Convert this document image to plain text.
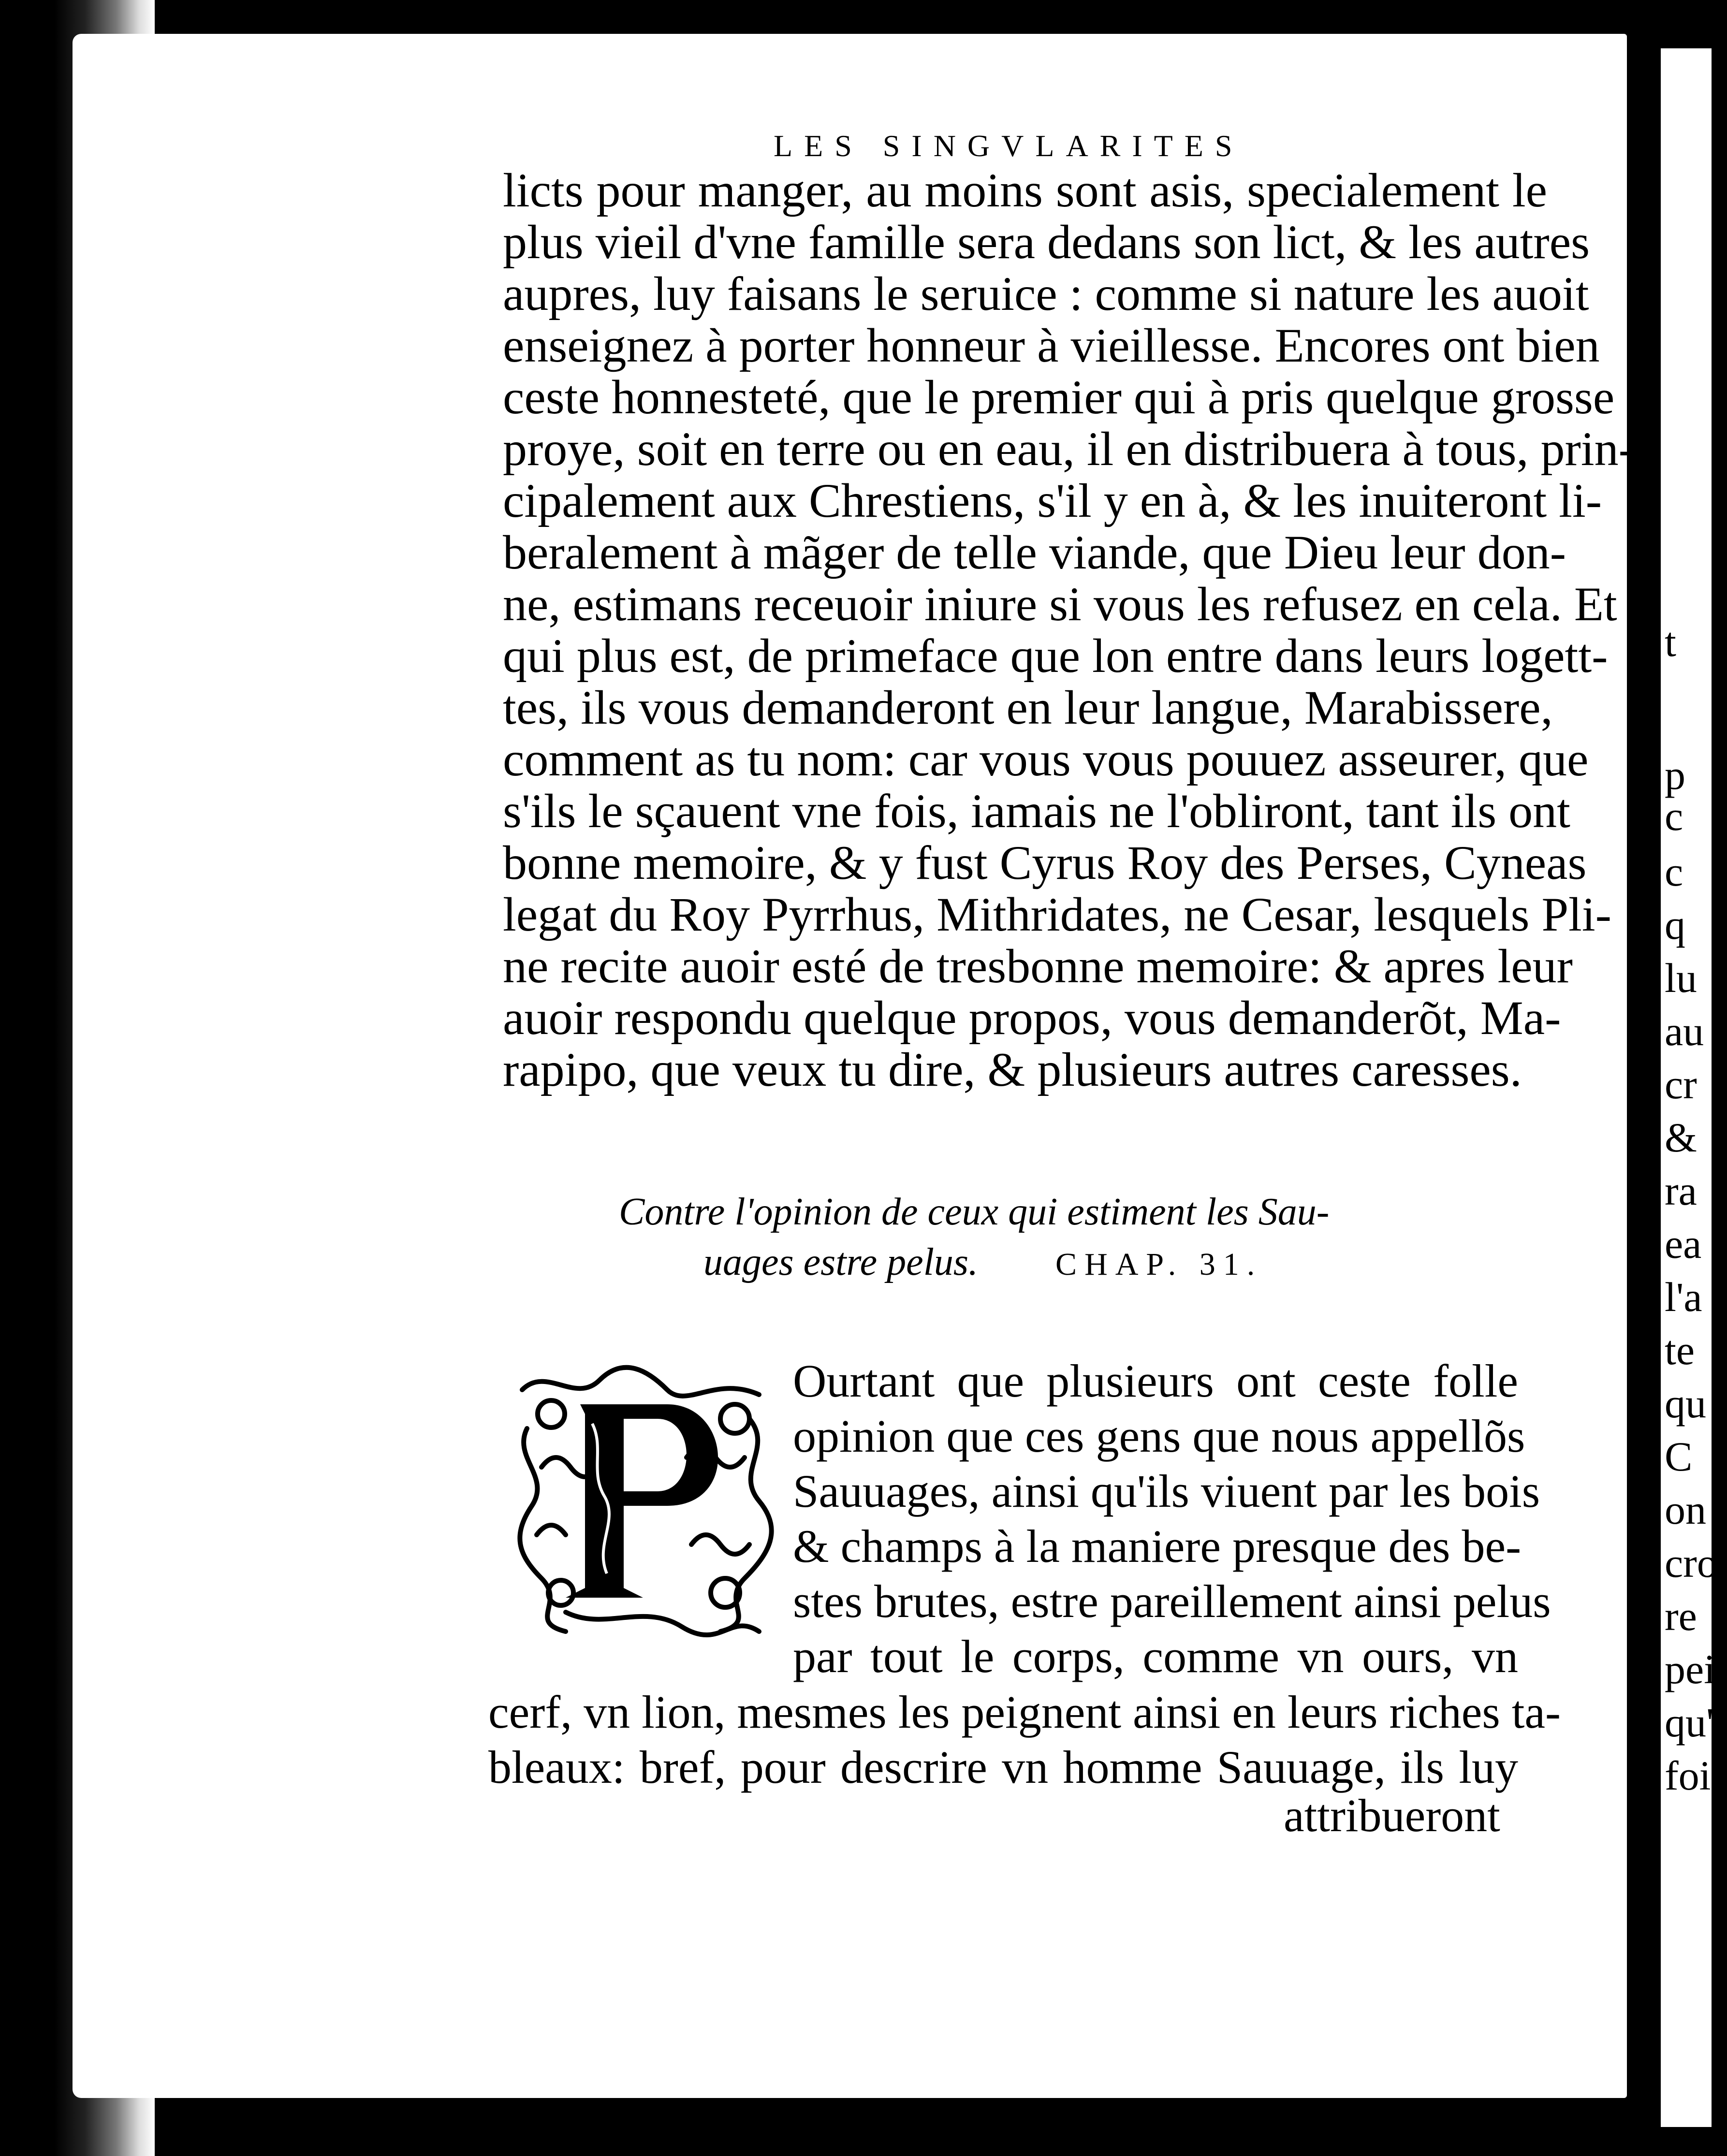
LES SINGVLARITES
licts pour manger, au moins sont asis, specialement le
plus vieil d'vne famille sera dedans son lict, & les autres
aupres, luy faisans le seruice : comme si nature les auoit
enseignez à porter honneur à vieillesse. Encores ont bien
ceste honnesteté, que le premier qui à pris quelque grosse
proye, soit en terre ou en eau, il en distribuera à tous, prin-
cipalement aux Chrestiens, s'il y en à, & les inuiteront li-
beralement à mãger de telle viande, que Dieu leur don-
ne, estimans receuoir iniure si vous les refusez en cela. Et
qui plus est, de primeface que lon entre dans leurs logett-
tes, ils vous demanderont en leur langue, Marabissere,
comment as tu nom: car vous vous pouuez asseurer, que
s'ils le sçauent vne fois, iamais ne l'obliront, tant ils ont
bonne memoire, & y fust Cyrus Roy des Perses, Cyneas
legat du Roy Pyrrhus, Mithridates, ne Cesar, lesquels Pli-
ne recite auoir esté de tresbonne memoire: & apres leur
auoir respondu quelque propos, vous demanderõt, Ma-
rapipo, que veux tu dire, & plusieurs autres caresses.
Contre l'opinion de ceux qui estiment les Sau-
uages estre pelus. CHAP. 31.
Ourtant que plusieurs ont ceste folle
opinion que ces gens que nous appellõs
Sauuages, ainsi qu'ils viuent par les bois
& champs à la maniere presque des be-
stes brutes, estre pareillement ainsi pelus
par tout le corps, comme vn ours, vn
cerf, vn lion, mesmes les peignent ainsi en leurs riches ta-
bleaux: bref, pour descrire vn homme Sauuage, ils luy
attribueront
t
p
c
c
q
lu
au
cr
&
ra
ea
l'a
te
qu
C
on
cro
re
pei
qu'
fois
